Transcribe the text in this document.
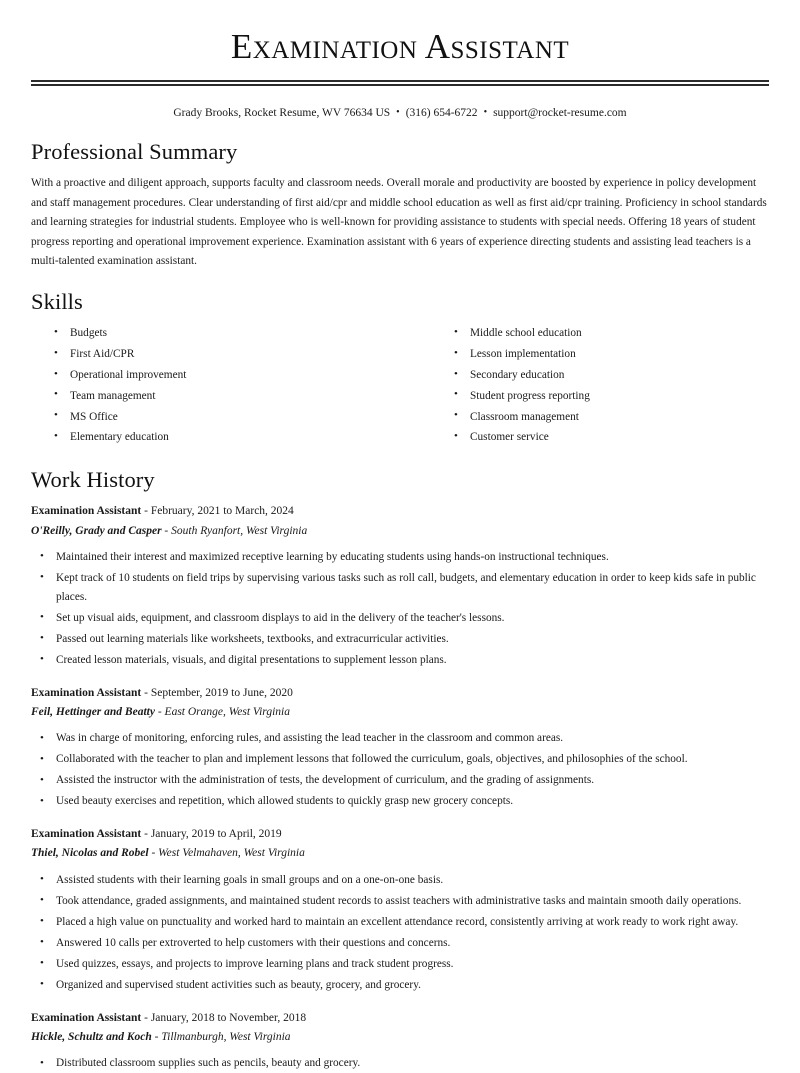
Examination Assistant
Grady Brooks, Rocket Resume, WV 76634 US • (316) 654-6722 • support@rocket-resume.com
Professional Summary

With a proactive and diligent approach, supports faculty and classroom needs. Overall morale and productivity are boosted by experience in policy development and staff management procedures. Clear understanding of first aid/cpr and middle school education as well as first aid/cpr training. Proficiency in school standards and learning strategies for industrial students. Employee who is well-known for providing assistance to students with special needs. Offering 18 years of student progress reporting and operational improvement experience. Examination assistant with 6 years of experience directing students and assisting lead teachers is a multi-talented examination assistant.

Skills
• Budgets
• First Aid/CPR
• Operational improvement
• Team management
• MS Office
• Elementary education
• Middle school education
• Lesson implementation
• Secondary education
• Student progress reporting
• Classroom management
• Customer service
Work History
Examination Assistant - February, 2021 to March, 2024
O'Reilly, Grady and Casper - South Ryanfort, West Virginia
• Maintained their interest and maximized receptive learning by educating students using hands-on instructional techniques.
• Kept track of 10 students on field trips by supervising various tasks such as roll call, budgets, and elementary education in order to keep kids safe in public places.
• Set up visual aids, equipment, and classroom displays to aid in the delivery of the teacher's lessons.
• Passed out learning materials like worksheets, textbooks, and extracurricular activities.
• Created lesson materials, visuals, and digital presentations to supplement lesson plans.
Examination Assistant - September, 2019 to June, 2020
Feil, Hettinger and Beatty - East Orange, West Virginia
• Was in charge of monitoring, enforcing rules, and assisting the lead teacher in the classroom and common areas.
• Collaborated with the teacher to plan and implement lessons that followed the curriculum, goals, objectives, and philosophies of the school.
• Assisted the instructor with the administration of tests, the development of curriculum, and the grading of assignments.
• Used beauty exercises and repetition, which allowed students to quickly grasp new grocery concepts.
Examination Assistant - January, 2019 to April, 2019
Thiel, Nicolas and Robel - West Velmahaven, West Virginia
• Assisted students with their learning goals in small groups and on a one-on-one basis.
• Took attendance, graded assignments, and maintained student records to assist teachers with administrative tasks and maintain smooth daily operations.
• Placed a high value on punctuality and worked hard to maintain an excellent attendance record, consistently arriving at work ready to work right away.
• Answered 10 calls per extroverted to help customers with their questions and concerns.
• Used quizzes, essays, and projects to improve learning plans and track student progress.
• Organized and supervised student activities such as beauty, grocery, and grocery.
Examination Assistant - January, 2018 to November, 2018
Hickle, Schultz and Koch - Tillmanburgh, West Virginia
• Distributed classroom supplies such as pencils, beauty and grocery.
